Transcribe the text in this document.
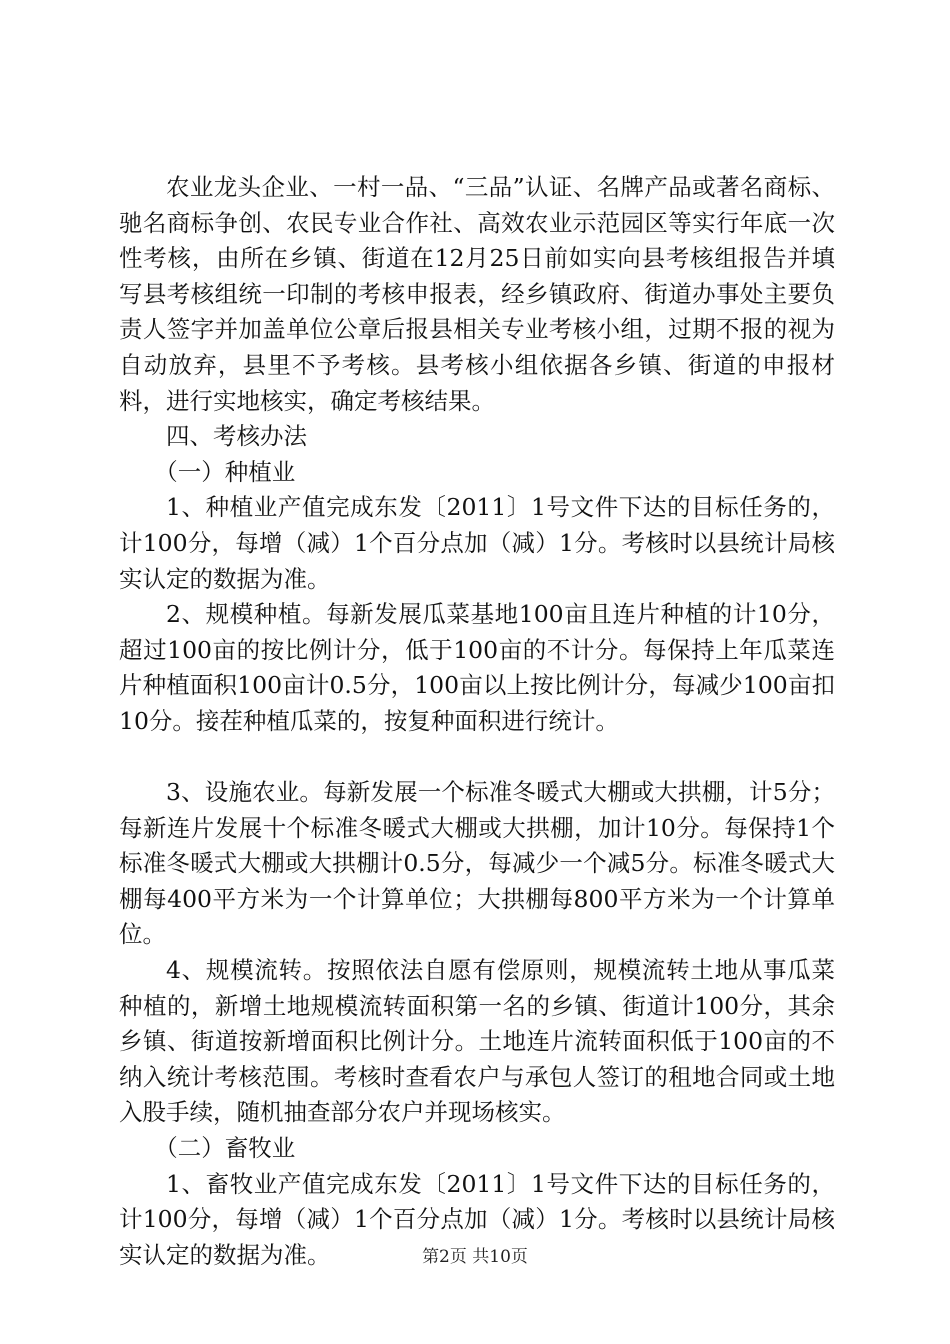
农业龙头企业、一村一品、“三品”认证、名牌产品或著名商标、驰名商标争创、农民专业合作社、高效农业示范园区等实行年底一次性考核，由所在乡镇、街道在12月25日前如实向县考核组报告并填写县考核组统一印制的考核申报表，经乡镇政府、街道办事处主要负责人签字并加盖单位公章后报县相关专业考核小组，过期不报的视为自动放弃，县里不予考核。县考核小组依据各乡镇、街道的申报材料，进行实地核实，确定考核结果。

四、考核办法

（一）种植业

1、种植业产值完成东发〔2011〕1号文件下达的目标任务的，计100分，每增（减）1个百分点加（减）1分。考核时以县统计局核实认定的数据为准。

2、规模种植。每新发展瓜菜基地100亩且连片种植的计10分，超过100亩的按比例计分，低于100亩的不计分。每保持上年瓜菜连片种植面积100亩计0.5分，100亩以上按比例计分，每减少100亩扣10分。接茬种植瓜菜的，按复种面积进行统计。

3、设施农业。每新发展一个标准冬暖式大棚或大拱棚，计5分；每新连片发展十个标准冬暖式大棚或大拱棚，加计10分。每保持1个标准冬暖式大棚或大拱棚计0.5分，每减少一个减5分。标准冬暖式大棚每400平方米为一个计算单位；大拱棚每800平方米为一个计算单位。

4、规模流转。按照依法自愿有偿原则，规模流转土地从事瓜菜种植的，新增土地规模流转面积第一名的乡镇、街道计100分，其余乡镇、街道按新增面积比例计分。土地连片流转面积低于100亩的不纳入统计考核范围。考核时查看农户与承包人签订的租地合同或土地入股手续，随机抽查部分农户并现场核实。

（二）畜牧业

1、畜牧业产值完成东发〔2011〕1号文件下达的目标任务的，计100分，每增（减）1个百分点加（减）1分。考核时以县统计局核实认定的数据为准。	第2页 共10页
